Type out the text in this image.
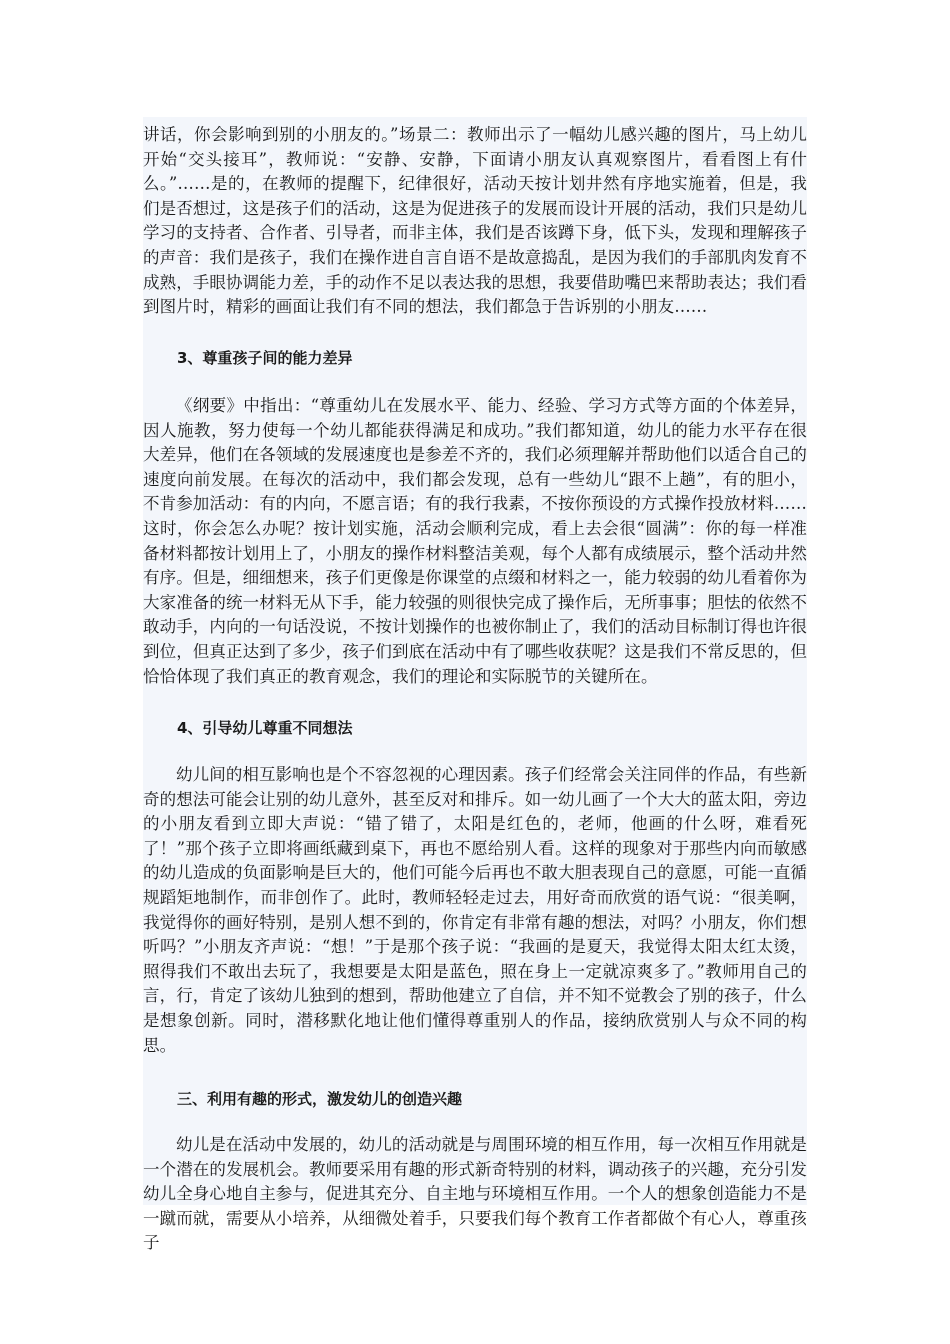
讲话，你会影响到别的小朋友的。”场景二：教师出示了一幅幼儿感兴趣的图片，马上幼儿开始“交头接耳”，教师说：“安静、安静，下面请小朋友认真观察图片，看看图上有什么。”……是的，在教师的提醒下，纪律很好，活动天按计划井然有序地实施着，但是，我们是否想过，这是孩子们的活动，这是为促进孩子的发展而设计开展的活动，我们只是幼儿学习的支持者、合作者、引导者，而非主体，我们是否该蹲下身，低下头，发现和理解孩子的声音：我们是孩子，我们在操作进自言自语不是故意捣乱，是因为我们的手部肌肉发育不成熟，手眼协调能力差，手的动作不足以表达我的思想，我要借助嘴巴来帮助表达；我们看到图片时，精彩的画面让我们有不同的想法，我们都急于告诉别的小朋友……

3、尊重孩子间的能力差异

《纲要》中指出：“尊重幼儿在发展水平、能力、经验、学习方式等方面的个体差异，因人施教，努力使每一个幼儿都能获得满足和成功。”我们都知道，幼儿的能力水平存在很大差异，他们在各领域的发展速度也是参差不齐的，我们必须理解并帮助他们以适合自己的速度向前发展。在每次的活动中，我们都会发现，总有一些幼儿“跟不上趟”，有的胆小，不肯参加活动：有的内向，不愿言语；有的我行我素，不按你预设的方式操作投放材料……这时，你会怎么办呢？按计划实施，活动会顺利完成，看上去会很“圆满”：你的每一样准备材料都按计划用上了，小朋友的操作材料整洁美观，每个人都有成绩展示，整个活动井然有序。但是，细细想来，孩子们更像是你课堂的点缀和材料之一，能力较弱的幼儿看着你为大家准备的统一材料无从下手，能力较强的则很快完成了操作后，无所事事；胆怯的依然不敢动手，内向的一句话没说，不按计划操作的也被你制止了，我们的活动目标制订得也许很到位，但真正达到了多少，孩子们到底在活动中有了哪些收获呢？这是我们不常反思的，但恰恰体现了我们真正的教育观念，我们的理论和实际脱节的关键所在。

4、引导幼儿尊重不同想法

幼儿间的相互影响也是个不容忽视的心理因素。孩子们经常会关注同伴的作品，有些新奇的想法可能会让别的幼儿意外，甚至反对和排斥。如一幼儿画了一个大大的蓝太阳，旁边的小朋友看到立即大声说：“错了错了，太阳是红色的，老师，他画的什么呀，难看死了！”那个孩子立即将画纸藏到桌下，再也不愿给别人看。这样的现象对于那些内向而敏感的幼儿造成的负面影响是巨大的，他们可能今后再也不敢大胆表现自己的意愿，可能一直循规蹈矩地制作，而非创作了。此时，教师轻轻走过去，用好奇而欣赏的语气说：“很美啊，我觉得你的画好特别，是别人想不到的，你肯定有非常有趣的想法，对吗？小朋友，你们想听吗？”小朋友齐声说：“想！”于是那个孩子说：“我画的是夏天，我觉得太阳太红太烫，照得我们不敢出去玩了，我想要是太阳是蓝色，照在身上一定就凉爽多了。”教师用自己的言，行，肯定了该幼儿独到的想到，帮助他建立了自信，并不知不觉教会了别的孩子，什么是想象创新。同时，潜移默化地让他们懂得尊重别人的作品，接纳欣赏别人与众不同的构思。

三、利用有趣的形式，激发幼儿的创造兴趣

幼儿是在活动中发展的，幼儿的活动就是与周围环境的相互作用，每一次相互作用就是一个潜在的发展机会。教师要采用有趣的形式新奇特别的材料，调动孩子的兴趣，充分引发幼儿全身心地自主参与，促进其充分、自主地与环境相互作用。一个人的想象创造能力不是一蹴而就，需要从小培养，从细微处着手，只要我们每个教育工作者都做个有心人，尊重孩子
